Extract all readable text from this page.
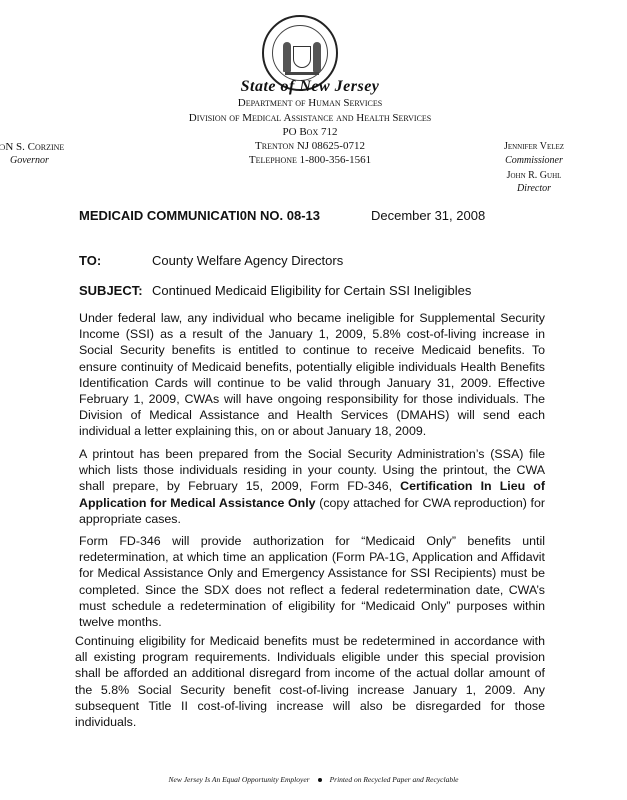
State of New Jersey
Department of Human Services
Division of Medical Assistance and Health Services
PO Box 712
Trenton NJ 08625-0712
Telephone 1-800-356-1561
ɔN S. Corzine
Governor
Jennifer Velez
Commissioner
John R. Guhl
Director
MEDICAID COMMUNICATI0N NO. 08-13	December 31, 2008
TO:	County Welfare Agency Directors
SUBJECT: Continued Medicaid Eligibility for Certain SSI Ineligibles

Under federal law, any individual who became ineligible for Supplemental Security Income (SSI) as a result of the January 1, 2009, 5.8% cost-of-living increase in Social Security benefits is entitled to continue to receive Medicaid benefits. To ensure continuity of Medicaid benefits, potentially eligible individuals Health Benefits Identification Cards will continue to be valid through January 31, 2009. Effective February 1, 2009, CWAs will have ongoing responsibility for those individuals. The Division of Medical Assistance and Health Services (DMAHS) will send each individual a letter explaining this, on or about January 18, 2009.

A printout has been prepared from the Social Security Administration’s (SSA) file which lists those individuals residing in your county. Using the printout, the CWA shall prepare, by February 15, 2009, Form FD-346, Certification In Lieu of Application for Medical Assistance Only (copy attached for CWA reproduction) for appropriate cases.

Form FD-346 will provide authorization for “Medicaid Only” benefits until redetermination, at which time an application (Form PA-1G, Application and Affidavit for Medical Assistance Only and Emergency Assistance for SSI Recipients) must be completed. Since the SDX does not reflect a federal redetermination date, CWA’s must schedule a redetermination of eligibility for “Medicaid Only” purposes within twelve months.

Continuing eligibility for Medicaid benefits must be redetermined in accordance with all existing program requirements. Individuals eligible under this special provision shall be afforded an additional disregard from income of the actual dollar amount of the 5.8% Social Security benefit cost-of-living increase January 1, 2009. Any subsequent Title II cost-of-living increase will also be disregarded for those individuals.

New Jersey Is An Equal Opportunity Employer	Printed on Recycled Paper and Recyclable
